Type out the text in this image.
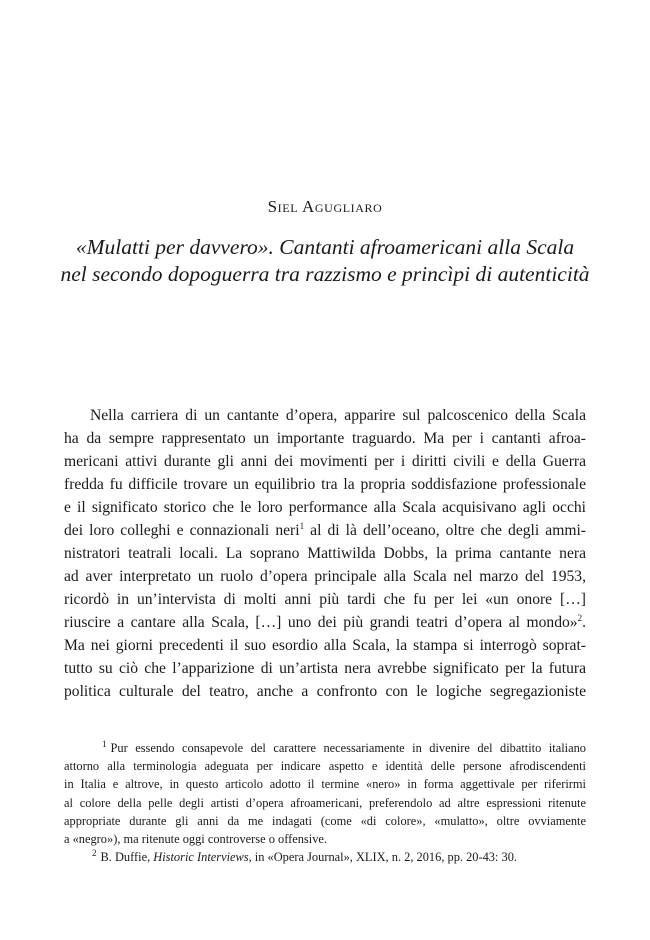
Siel Agugliaro
«Mulatti per davvero». Cantanti afroamericani alla Scala
nel secondo dopoguerra tra razzismo e princìpi di autenticità
Nella carriera di un cantante d’opera, apparire sul palcoscenico della Scala
ha da sempre rappresentato un importante traguardo. Ma per i cantanti afroa-
mericani attivi durante gli anni dei movimenti per i diritti civili e della Guerra
fredda fu difficile trovare un equilibrio tra la propria soddisfazione professionale
e il significato storico che le loro performance alla Scala acquisivano agli occhi
dei loro colleghi e connazionali neri$^1$ al di là dell’oceano, oltre che degli ammi-
nistratori teatrali locali. La soprano Mattiwilda Dobbs, la prima cantante nera
ad aver interpretato un ruolo d’opera principale alla Scala nel marzo del 1953,
ricordò in un’intervista di molti anni più tardi che fu per lei «un onore […]
riuscire a cantare alla Scala, […] uno dei più grandi teatri d’opera al mondo»$^2$.
Ma nei giorni precedenti il suo esordio alla Scala, la stampa si interrogò soprat-
tutto su ciò che l’apparizione di un’artista nera avrebbe significato per la futura
politica culturale del teatro, anche a confronto con le logiche segregazioniste
$^1$ Pur essendo consapevole del carattere necessariamente in divenire del dibattito italiano
attorno alla terminologia adeguata per indicare aspetto e identità delle persone afrodiscendenti
in Italia e altrove, in questo articolo adotto il termine «nero» in forma aggettivale per riferirmi
al colore della pelle degli artisti d’opera afroamericani, preferendolo ad altre espressioni ritenute
appropriate durante gli anni da me indagati (come «di colore», «mulatto», oltre ovviamente
a «negro»), ma ritenute oggi controverse o offensive.
$^2$ B. Duffie, Historic Interviews, in «Opera Journal», XLIX, n. 2, 2016, pp. 20-43: 30.
